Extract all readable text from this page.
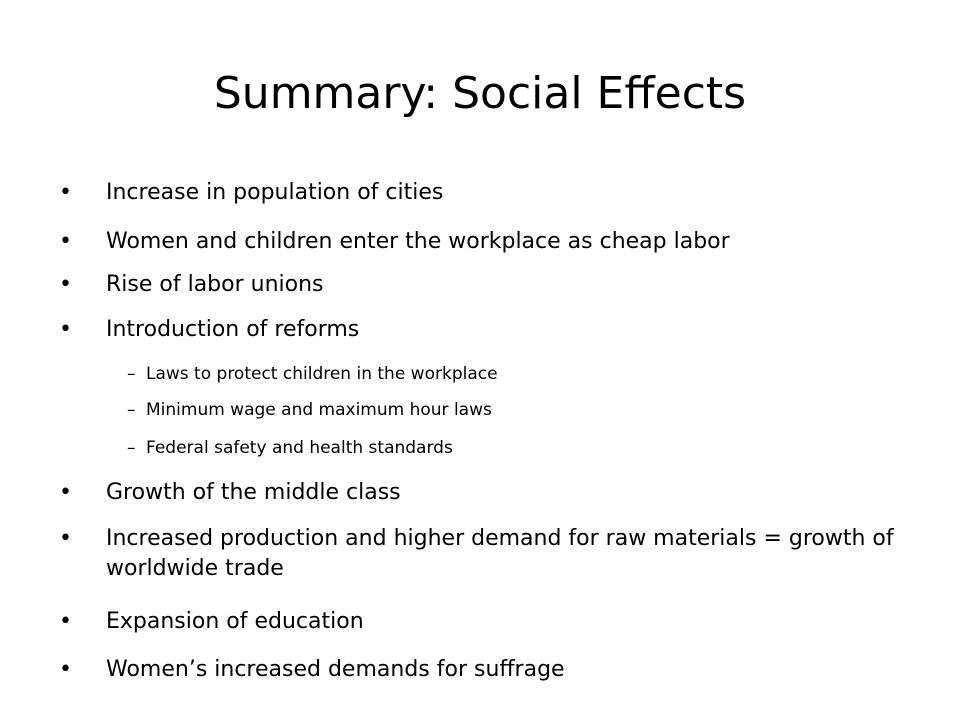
Summary: Social Effects
• Increase in population of cities
• Women and children enter the workplace as cheap labor
• Rise of labor unions
• Introduction of reforms
– Laws to protect children in the workplace
– Minimum wage and maximum hour laws
– Federal safety and health standards
• Growth of the middle class
• Increased production and higher demand for raw materials = growth of worldwide trade
• Expansion of education
• Women’s increased demands for suffrage
